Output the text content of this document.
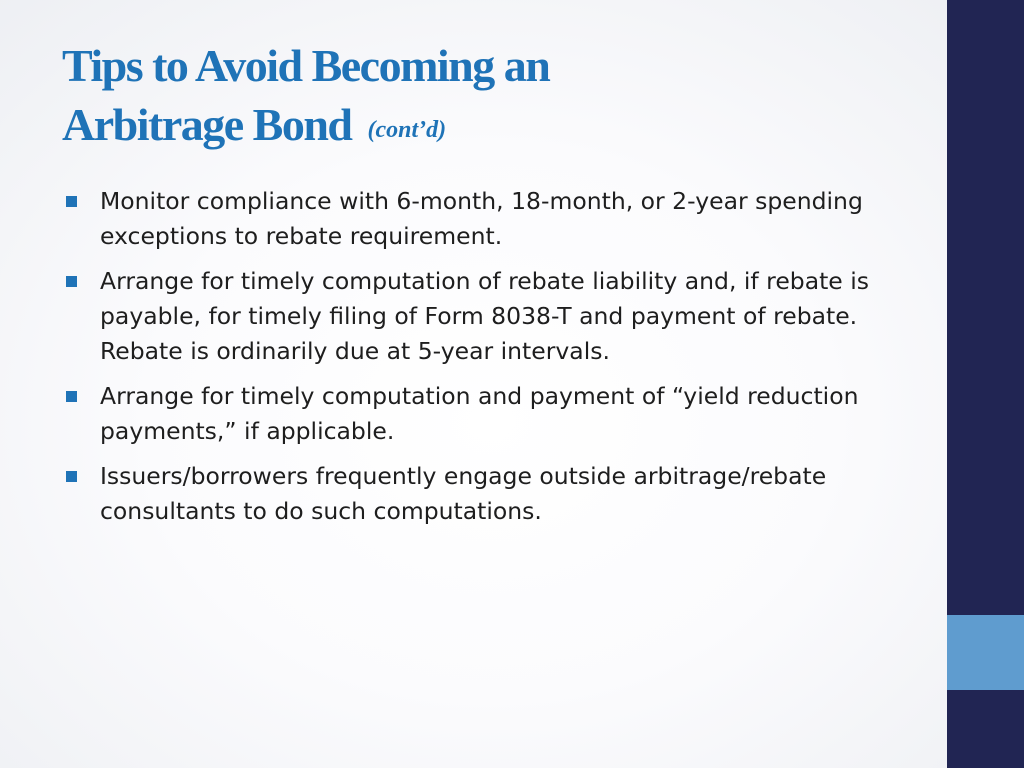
Tips to Avoid Becoming an
Arbitrage Bond (cont’d)
Monitor compliance with 6-month, 18-month, or 2-year spending exceptions to rebate requirement.
Arrange for timely computation of rebate liability and, if rebate is payable, for timely filing of Form 8038-T and payment of rebate. Rebate is ordinarily due at 5-year intervals.
Arrange for timely computation and payment of “yield reduction payments,” if applicable.
Issuers/borrowers frequently engage outside arbitrage/rebate consultants to do such computations.
